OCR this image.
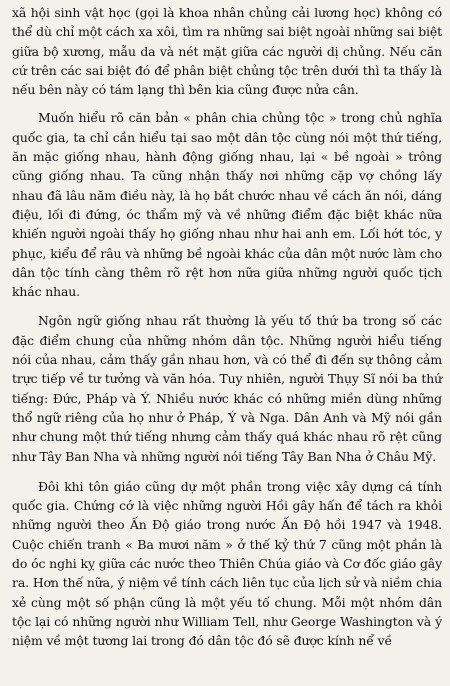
xã hội sinh vật học (gọi là khoa nhân chủng cải lương học) không có thể dù chỉ một cách xa xôi, tìm ra những sai biệt ngoài những sai biệt giữa bộ xương, mẫu da và nét mặt giữa các người dị chủng. Nếu căn cứ trên các sai biệt đó để phân biệt chủng tộc trên dưới thì ta thấy là nếu bên này có tám lạng thì bên kia cũng được nửa cân.

Muốn hiểu rõ căn bản « phân chia chủng tộc » trong chủ nghĩa quốc gia, ta chỉ cần hiểu tại sao một dân tộc cùng nói một thứ tiếng, ăn mặc giống nhau, hành động giống nhau, lại « bề ngoài » trông cũng giống nhau. Ta cũng nhận thấy nơi những cặp vợ chồng lấy nhau đã lâu năm điều này, là họ bắt chước nhau về cách ăn nói, dáng điệu, lối đi đứng, óc thẩm mỹ và về những điểm đặc biệt khác nữa khiến người ngoài thấy họ giống nhau như hai anh em. Lối hớt tóc, y phục, kiểu để râu và những bề ngoài khác của dân một nước làm cho dân tộc tính càng thêm rõ rệt hơn nữa giữa những người quốc tịch khác nhau.

Ngôn ngữ giống nhau rất thường là yếu tố thứ ba trong số các đặc điểm chung của những nhóm dân tộc. Những người hiểu tiếng nói của nhau, cảm thấy gần nhau hơn, và có thể đi đến sự thông cảm trực tiếp về tư tưởng và văn hóa. Tuy nhiên, người Thụy Sĩ nói ba thứ tiếng: Đức, Pháp và Ý. Nhiều nước khác có những miền dùng những thổ ngữ riêng của họ như ở Pháp, Ý và Nga. Dân Anh và Mỹ nói gần như chung một thứ tiếng nhưng cảm thấy quá khác nhau rõ rệt cũng như Tây Ban Nha và những người nói tiếng Tây Ban Nha ở Châu Mỹ.

Đôi khi tôn giáo cũng dự một phần trong việc xây dựng cá tính quốc gia. Chứng cớ là việc những người Hồi gây hấn để tách ra khỏi những người theo Ấn Độ giáo trong nước Ấn Độ hồi 1947 và 1948. Cuộc chiến tranh « Ba mươi năm » ở thế kỷ thứ 7 cũng một phần là do óc nghi kỵ giữa các nước theo Thiên Chúa giáo và Cơ đốc giáo gây ra. Hơn thế nữa, ý niệm về tính cách liên tục của lịch sử và niềm chia xẻ cùng một số phận cũng là một yếu tố chung. Mỗi một nhóm dân tộc lại có những người như William Tell, như George Washington và ý niệm về một tương lai trong đó dân tộc đó sẽ được kính nể về
